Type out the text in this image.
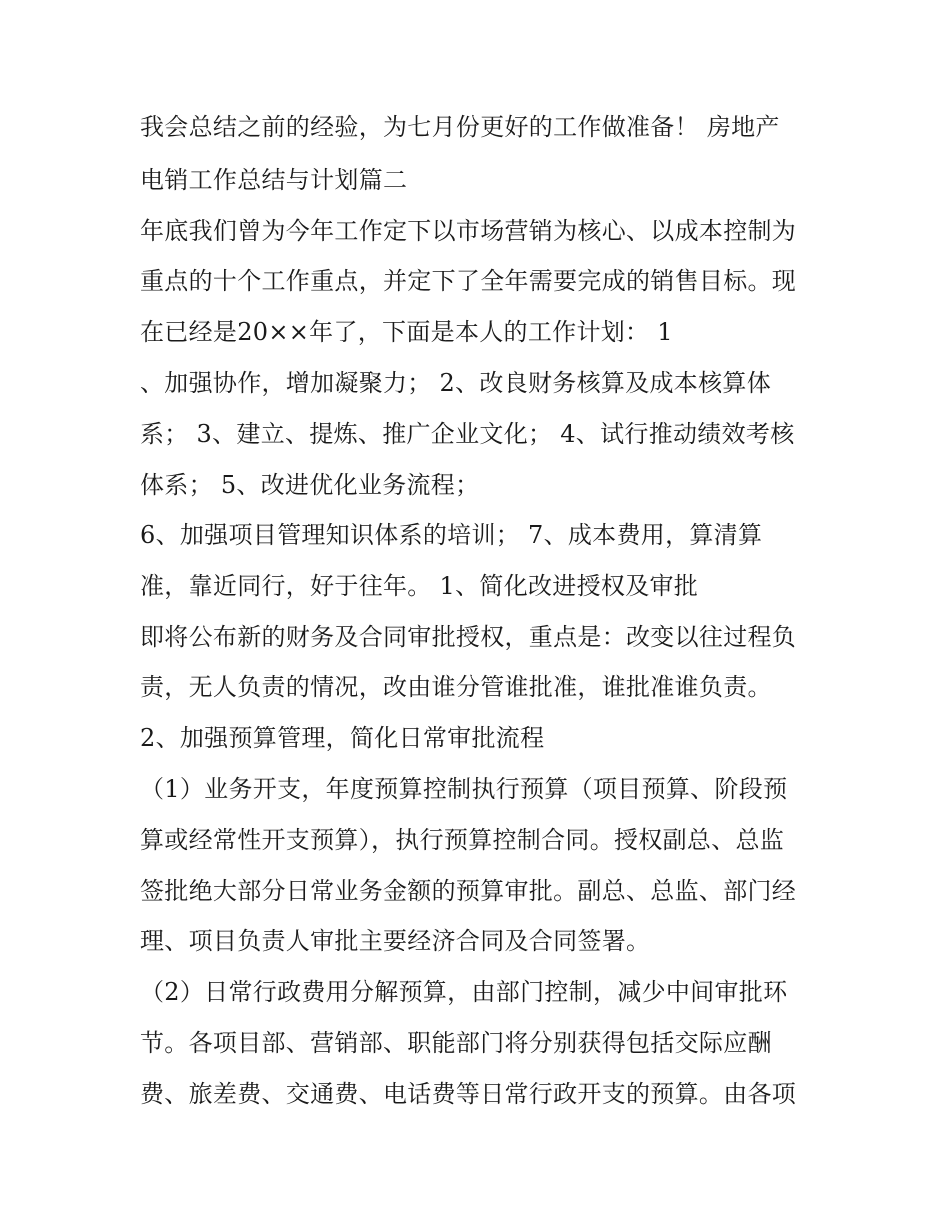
我会总结之前的经验，为七月份更好的工作做准备！ 房地产
电销工作总结与计划篇二
年底我们曾为今年工作定下以市场营销为核心、以成本控制为
重点的十个工作重点，并定下了全年需要完成的销售目标。现
在已经是20××年了，下面是本人的工作计划： 1
、加强协作，增加凝聚力； 2、改良财务核算及成本核算体
系； 3、建立、提炼、推广企业文化； 4、试行推动绩效考核
体系； 5、改进优化业务流程；
6、加强项目管理知识体系的培训； 7、成本费用，算清算
准，靠近同行，好于往年。 1、简化改进授权及审批
即将公布新的财务及合同审批授权，重点是：改变以往过程负
责，无人负责的情况，改由谁分管谁批准，谁批准谁负责。
2、加强预算管理，简化日常审批流程
（1）业务开支，年度预算控制执行预算（项目预算、阶段预
算或经常性开支预算），执行预算控制合同。授权副总、总监
签批绝大部分日常业务金额的预算审批。副总、总监、部门经
理、项目负责人审批主要经济合同及合同签署。
（2）日常行政费用分解预算，由部门控制，减少中间审批环
节。各项目部、营销部、职能部门将分别获得包括交际应酬
费、旅差费、交通费、电话费等日常行政开支的预算。由各项
